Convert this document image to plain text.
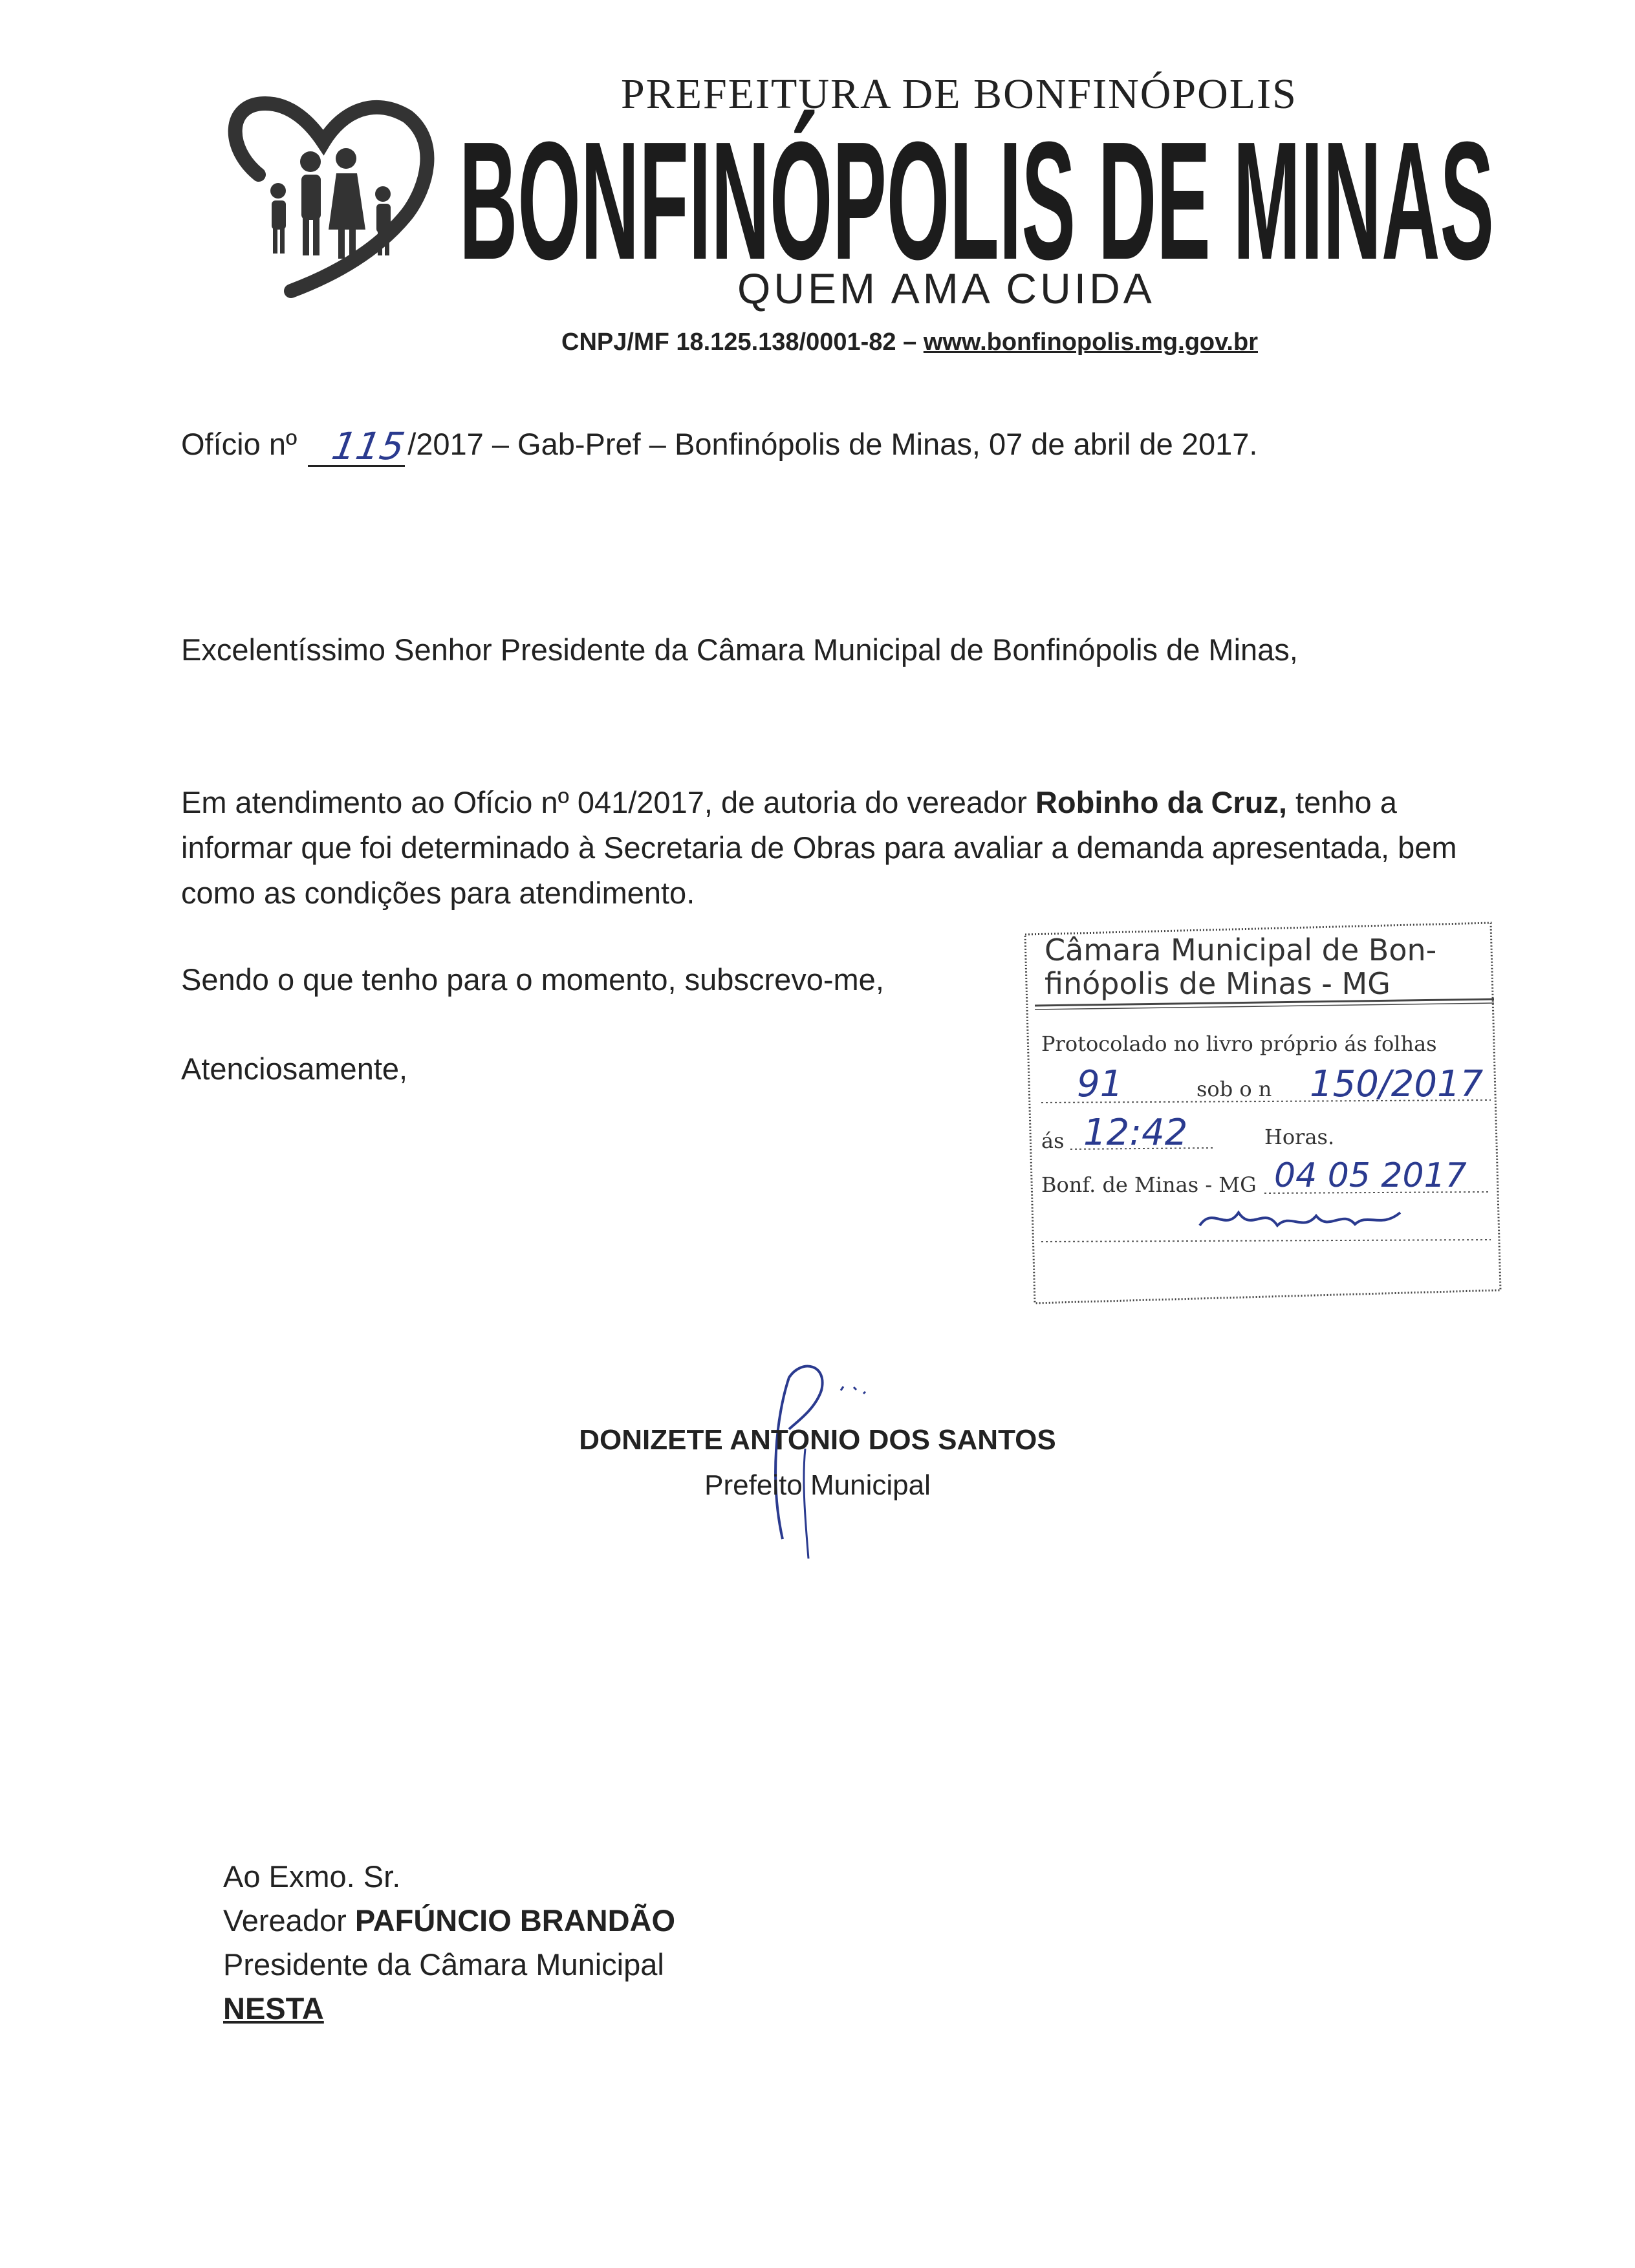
PREFEITURA DE BONFINÓPOLIS
BONFINÓPOLIS DE MINAS
QUEM AMA CUIDA
CNPJ/MF 18.125.138/0001-82 – www.bonfinopolis.mg.gov.br
Ofício nº 115 /2017 – Gab-Pref – Bonfinópolis de Minas, 07 de abril de 2017.
Excelentíssimo Senhor Presidente da Câmara Municipal de Bonfinópolis de Minas,
Em atendimento ao Ofício nº 041/2017, de autoria do vereador Robinho da Cruz, tenho a informar que foi determinado à Secretaria de Obras para avaliar a demanda apresentada, bem como as condições para atendimento.
Sendo o que tenho para o momento, subscrevo-me,
Atenciosamente,
Câmara Municipal de Bon-
finópolis de Minas - MG
Protocolado no livro próprio ás folhas
91	sob o n 150/2017
ás 12:42	Horas.
Bonf. de Minas - MG 04 05 2017
DONIZETE ANTONIO DOS SANTOS
Prefeito Municipal
Ao Exmo. Sr.
Vereador PAFÚNCIO BRANDÃO
Presidente da Câmara Municipal
NESTA
